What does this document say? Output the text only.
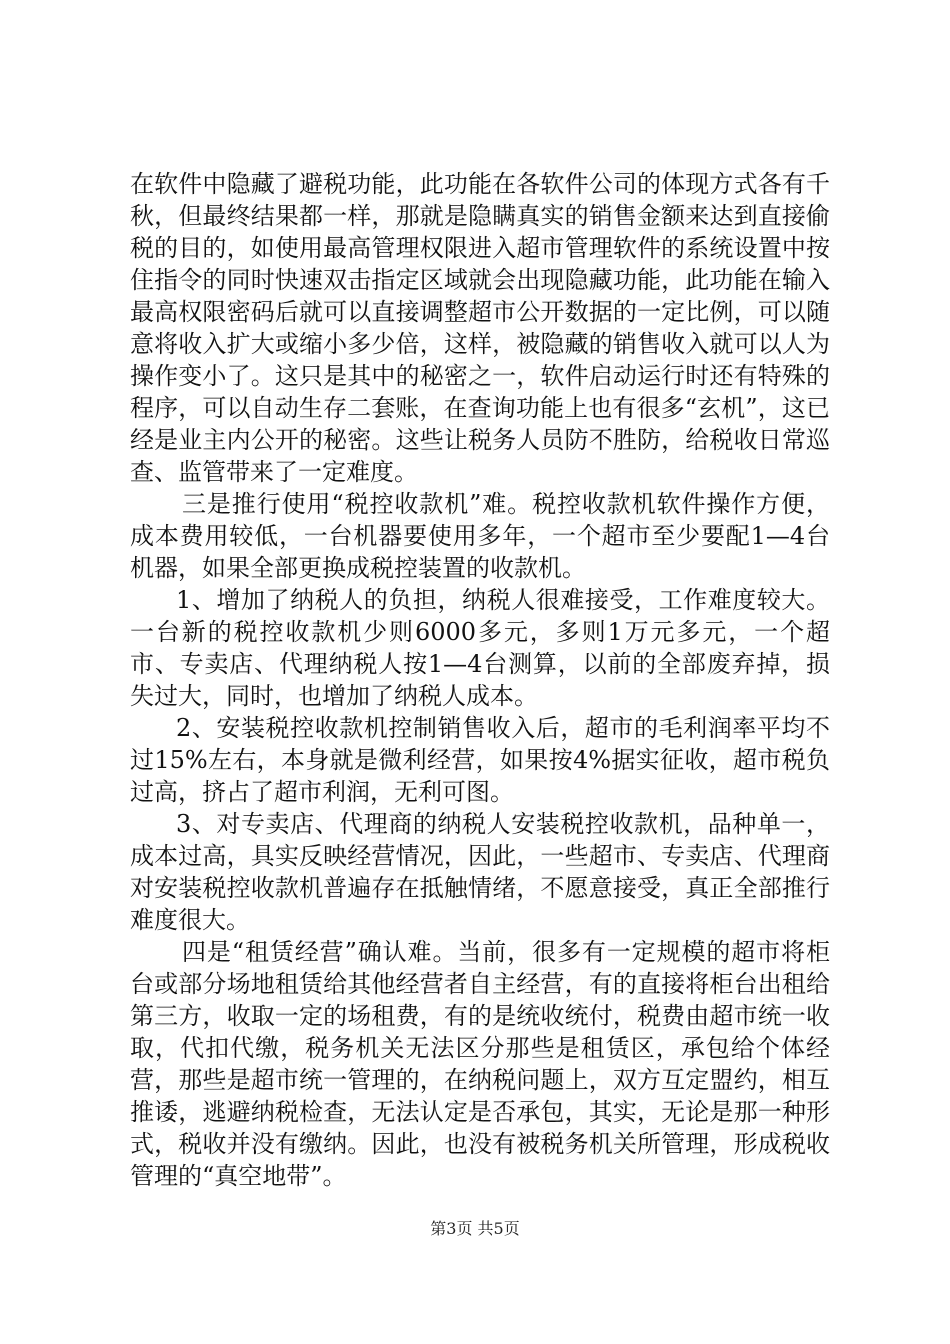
在软件中隐藏了避税功能，此功能在各软件公司的体现方式各有千秋，但最终结果都一样，那就是隐瞒真实的销售金额来达到直接偷税的目的，如使用最高管理权限进入超市管理软件的系统设置中按住指令的同时快速双击指定区域就会出现隐藏功能，此功能在输入最高权限密码后就可以直接调整超市公开数据的一定比例，可以随意将收入扩大或缩小多少倍，这样，被隐藏的销售收入就可以人为操作变小了。这只是其中的秘密之一，软件启动运行时还有特殊的程序，可以自动生存二套账，在查询功能上也有很多“玄机”，这已经是业主内公开的秘密。这些让税务人员防不胜防，给税收日常巡查、监管带来了一定难度。

三是推行使用“税控收款机”难。税控收款机软件操作方便，成本费用较低，一台机器要使用多年，一个超市至少要配1—4台机器，如果全部更换成税控装置的收款机。

1、增加了纳税人的负担，纳税人很难接受，工作难度较大。一台新的税控收款机少则6000多元，多则1万元多元，一个超市、专卖店、代理纳税人按1—4台测算，以前的全部废弃掉，损失过大，同时，也增加了纳税人成本。

2、安装税控收款机控制销售收入后，超市的毛利润率平均不过15%左右，本身就是微利经营，如果按4%据实征收，超市税负过高，挤占了超市利润，无利可图。

3、对专卖店、代理商的纳税人安装税控收款机，品种单一，成本过高，具实反映经营情况，因此，一些超市、专卖店、代理商对安装税控收款机普遍存在抵触情绪，不愿意接受，真正全部推行难度很大。

四是“租赁经营”确认难。当前，很多有一定规模的超市将柜台或部分场地租赁给其他经营者自主经营，有的直接将柜台出租给第三方，收取一定的场租费，有的是统收统付，税费由超市统一收取，代扣代缴，税务机关无法区分那些是租赁区，承包给个体经营，那些是超市统一管理的，在纳税问题上，双方互定盟约，相互推诿，逃避纳税检查，无法认定是否承包，其实，无论是那一种形式，税收并没有缴纳。因此，也没有被税务机关所管理，形成税收管理的“真空地带”。

第3页 共5页
